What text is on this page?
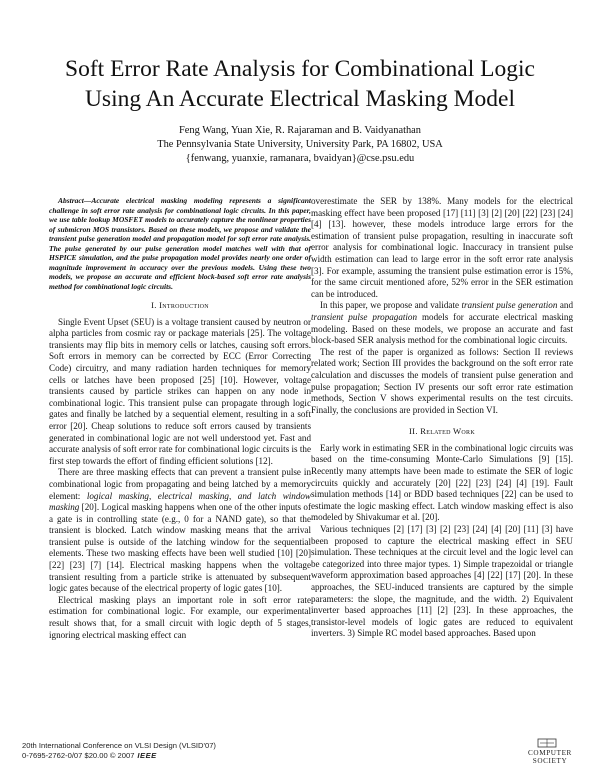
Soft Error Rate Analysis for Combinational Logic
Using An Accurate Electrical Masking Model
Feng Wang, Yuan Xie, R. Rajaraman and B. Vaidyanathan
The Pennsylvania State University, University Park, PA 16802, USA
{fenwang, yuanxie, ramanara, bvaidyan}@cse.psu.edu

Abstract—Accurate electrical masking modeling represents a significant challenge in soft error rate analysis for combinational logic circuits. In this paper, we use table lookup MOSFET models to accurately capture the nonlinear properties of submicron MOS transistors. Based on these models, we propose and validate the transient pulse generation model and propagation model for soft error rate analysis. The pulse generated by our pulse generation model matches well with that of HSPICE simulation, and the pulse propagation model provides nearly one order of magnitude improvement in accuracy over the previous models. Using these two models, we propose an accurate and efficient block-based soft error rate analysis method for combinational logic circuits.

I. Introduction

Single Event Upset (SEU) is a voltage transient caused by neutron or alpha particles from cosmic ray or package materials [25]. The voltage transients may flip bits in memory cells or latches, causing soft errors. Soft errors in memory can be corrected by ECC (Error Correcting Code) circuitry, and many radiation harden techniques for memory cells or latches have been proposed [25] [10]. However, voltage transients caused by particle strikes can happen on any node in combinational logic. This transient pulse can propagate through logic gates and finally be latched by a sequential element, resulting in a soft error [20]. Cheap solutions to reduce soft errors caused by transients generated in combinational logic are not well understood yet. Fast and accurate analysis of soft error rate for combinational logic circuits is the first step towards the effort of finding efficient solutions [12].

There are three masking effects that can prevent a transient pulse in combinational logic from propagating and being latched by a memory element: logical masking, electrical masking, and latch window masking [20]. Logical masking happens when one of the other inputs of a gate is in controlling state (e.g., 0 for a NAND gate), so that the transient is blocked. Latch window masking means that the arrival transient pulse is outside of the latching window for the sequential elements. These two masking effects have been well studied [10] [20] [22] [23] [7] [14]. Electrical masking happens when the voltage transient resulting from a particle strike is attenuated by subsequent logic gates because of the electrical property of logic gates [10].

Electrical masking plays an important role in soft error rate estimation for combinational logic. For example, our experimental result shows that, for a small circuit with logic depth of 5 stages, ignoring electrical masking effect can

overestimate the SER by 138%. Many models for the electrical masking effect have been proposed [17] [11] [3] [2] [20] [22] [23] [24] [4] [13]. however, these models introduce large errors for the estimation of transient pulse propagation, resulting in inaccurate soft error analysis for combinational logic. Inaccuracy in transient pulse width estimation can lead to large error in the soft error rate analysis [3]. For example, assuming the transient pulse estimation error is 15%, for the same circuit mentioned afore, 52% error in the SER estimation can be introduced.

In this paper, we propose and validate transient pulse generation and transient pulse propagation models for accurate electrical masking modeling. Based on these models, we propose an accurate and fast block-based SER analysis method for the combinational logic circuits.

The rest of the paper is organized as follows: Section II reviews related work; Section III provides the background on the soft error rate calculation and discusses the models of transient pulse generation and pulse propagation; Section IV presents our soft error rate estimation methods, Section V shows experimental results on the test circuits. Finally, the conclusions are provided in Section VI.

II. Related Work

Early work in estimating SER in the combinational logic circuits was based on the time-consuming Monte-Carlo Simulations [9] [15]. Recently many attempts have been made to estimate the SER of logic circuits quickly and accurately [20] [22] [23] [24] [4] [19]. Fault simulation methods [14] or BDD based techniques [22] can be used to estimate the logic masking effect. Latch window masking effect is also modeled by Shivakumar et al. [20].

Various techniques [2] [17] [3] [2] [23] [24] [4] [20] [11] [3] have been proposed to capture the electrical masking effect in SEU simulation. These techniques at the circuit level and the logic level can be categorized into three major types. 1) Simple trapezoidal or triangle waveform approximation based approaches [4] [22] [17] [20]. In these approaches, the SEU-induced transients are captured by the simple parameters: the slope, the magnitude, and the width. 2) Equivalent inverter based approaches [11] [2] [23]. In these approaches, the transistor-level models of logic gates are reduced to equivalent inverters. 3) Simple RC model based approaches. Based upon

20th International Conference on VLSI Design (VLSID'07)
0-7695-2762-0/07 $20.00 © 2007 IEEE	COMPUTER
SOCIETY
